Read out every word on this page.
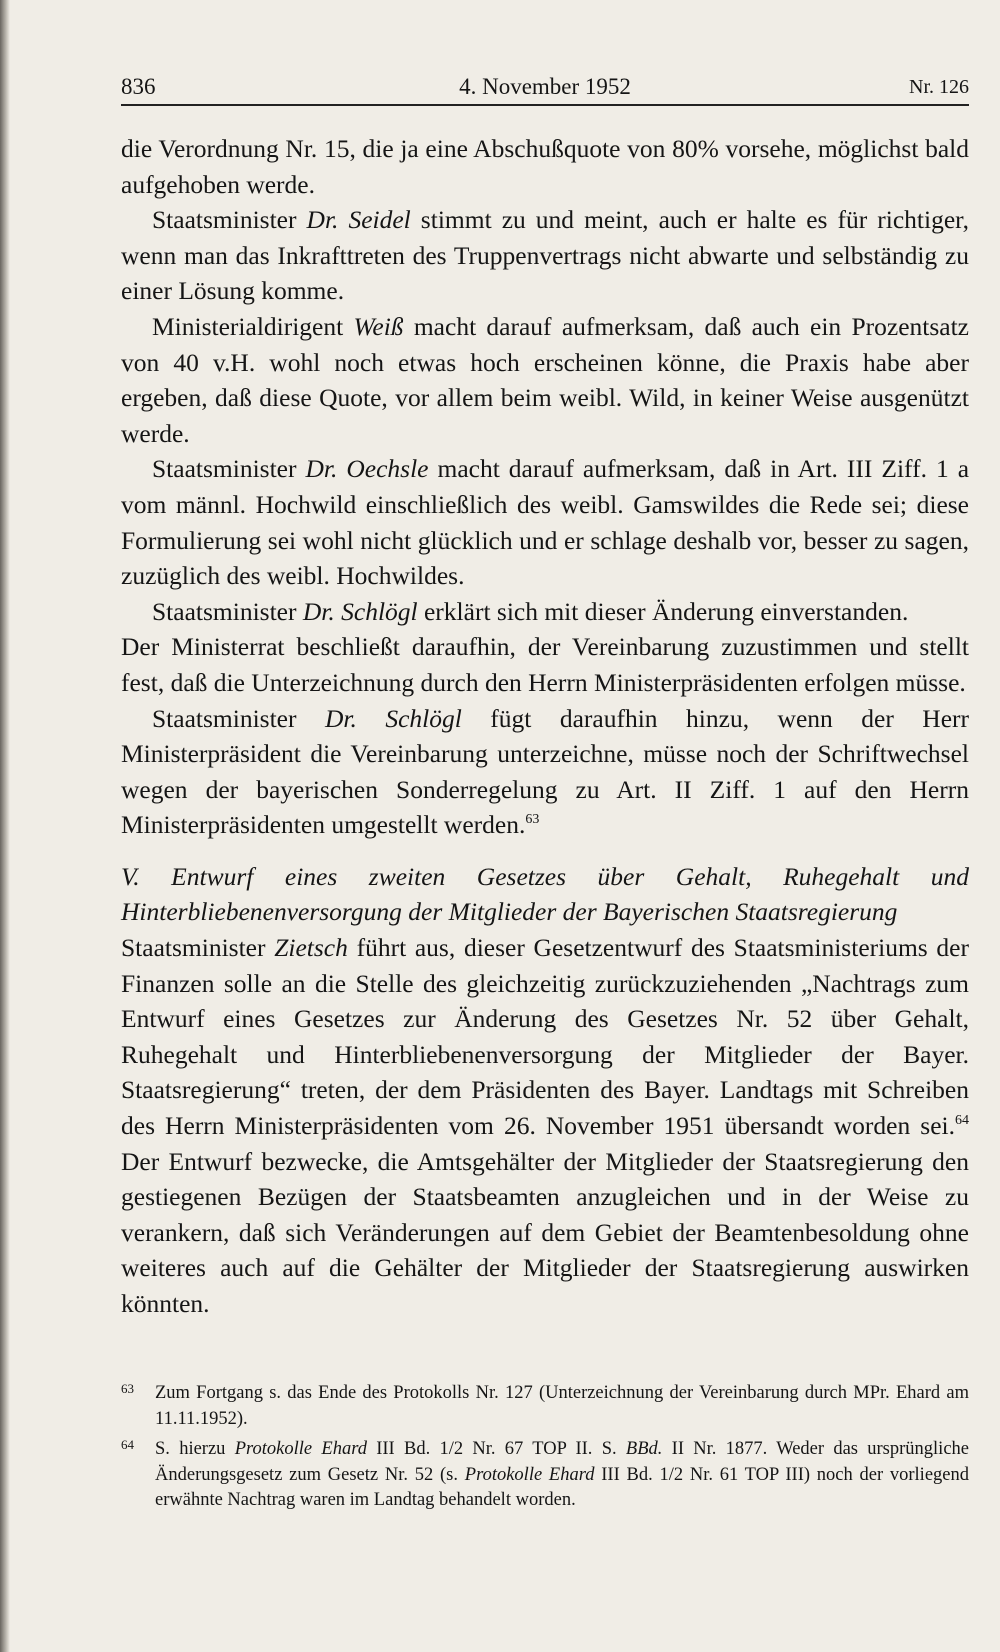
836	4. November 1952	Nr. 126

die Verordnung Nr. 15, die ja eine Abschußquote von 80% vorsehe, möglichst bald aufgehoben werde.

Staatsminister Dr. Seidel stimmt zu und meint, auch er halte es für richtiger, wenn man das Inkrafttreten des Truppenvertrags nicht abwarte und selbständig zu einer Lösung komme.

Ministerialdirigent Weiß macht darauf aufmerksam, daß auch ein Prozentsatz von 40 v.H. wohl noch etwas hoch erscheinen könne, die Praxis habe aber ergeben, daß diese Quote, vor allem beim weibl. Wild, in keiner Weise ausgenützt werde.

Staatsminister Dr. Oechsle macht darauf aufmerksam, daß in Art. III Ziff. 1 a vom männl. Hochwild einschließlich des weibl. Gamswildes die Rede sei; diese Formulierung sei wohl nicht glücklich und er schlage deshalb vor, besser zu sagen, zuzüglich des weibl. Hochwildes.

Staatsminister Dr. Schlögl erklärt sich mit dieser Änderung einverstanden.

Der Ministerrat beschließt daraufhin, der Vereinbarung zuzustimmen und stellt fest, daß die Unterzeichnung durch den Herrn Ministerpräsidenten erfolgen müsse.

Staatsminister Dr. Schlögl fügt daraufhin hinzu, wenn der Herr Ministerpräsident die Vereinbarung unterzeichne, müsse noch der Schriftwechsel wegen der bayerischen Sonderregelung zu Art. II Ziff. 1 auf den Herrn Ministerpräsidenten umgestellt werden.$^{63}$

V. Entwurf eines zweiten Gesetzes über Gehalt, Ruhegehalt und Hinterbliebenenversorgung der Mitglieder der Bayerischen Staatsregierung

Staatsminister Zietsch führt aus, dieser Gesetzentwurf des Staatsministeriums der Finanzen solle an die Stelle des gleichzeitig zurückzuziehenden „Nachtrags zum Entwurf eines Gesetzes zur Änderung des Gesetzes Nr. 52 über Gehalt, Ruhegehalt und Hinterbliebenenversorgung der Mitglieder der Bayer. Staatsregierung“ treten, der dem Präsidenten des Bayer. Landtags mit Schreiben des Herrn Ministerpräsidenten vom 26. November 1951 übersandt worden sei.$^{64}$ Der Entwurf bezwecke, die Amtsgehälter der Mitglieder der Staatsregierung den gestiegenen Bezügen der Staatsbeamten anzugleichen und in der Weise zu verankern, daß sich Veränderungen auf dem Gebiet der Beamtenbesoldung ohne weiteres auch auf die Gehälter der Mitglieder der Staatsregierung auswirken könnten.

63 Zum Fortgang s. das Ende des Protokolls Nr. 127 (Unterzeichnung der Vereinbarung durch MPr. Ehard am 11.11.1952).
64 S. hierzu Protokolle Ehard III Bd. 1/2 Nr. 67 TOP II. S. BBd. II Nr. 1877. Weder das ursprüngliche Änderungsgesetz zum Gesetz Nr. 52 (s. Protokolle Ehard III Bd. 1/2 Nr. 61 TOP III) noch der vorliegend erwähnte Nachtrag waren im Landtag behandelt worden.
